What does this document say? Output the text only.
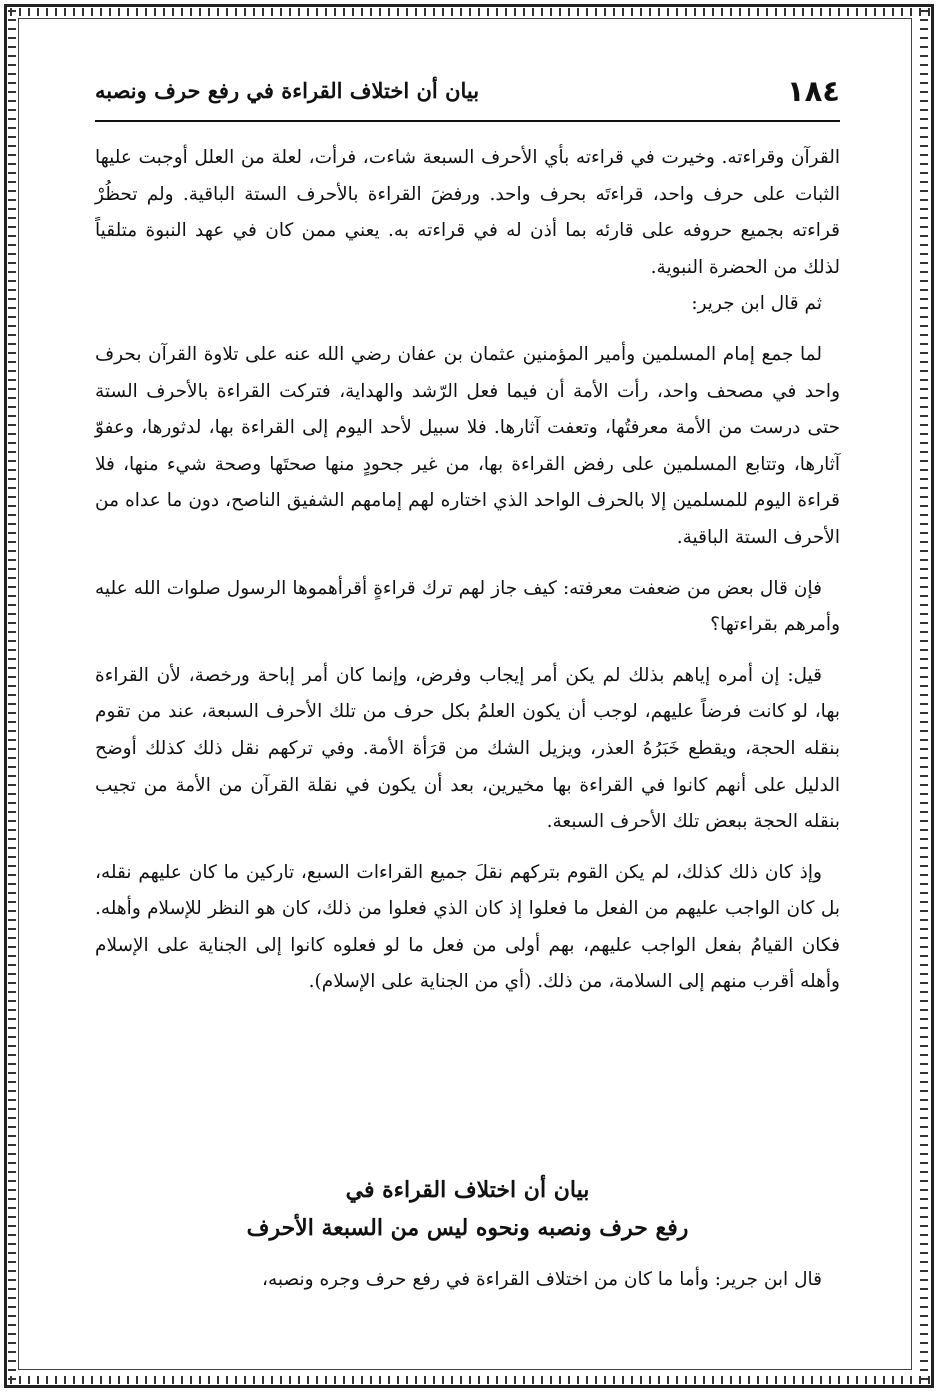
١٨٤
بيان أن اختلاف القراءة في رفع حرف ونصبه

القرآن وقراءته. وخيرت في قراءته بأي الأحرف السبعة شاءت، فرأت، لعلة من العلل أوجبت عليها الثبات على حرف واحد، قراءتَه بحرف واحد. ورفضَ القراءة بالأحرف الستة الباقية. ولم تحظُرْ قراءته بجميع حروفه على قارئه بما أذن له في قراءته به. يعني ممن كان في عهد النبوة متلقياً لذلك من الحضرة النبوية.

ثم قال ابن جرير:

لما جمع إمام المسلمين وأمير المؤمنين عثمان بن عفان رضي الله عنه على تلاوة القرآن بحرف واحد في مصحف واحد، رأت الأمة أن فيما فعل الرّشد والهداية، فتركت القراءة بالأحرف الستة حتى درست من الأمة معرفتُها، وتعفت آثارها. فلا سبيل لأحد اليوم إلى القراءة بها، لدثورها، وعفوّ آثارها، وتتابع المسلمين على رفض القراءة بها، من غير جحودٍ منها صحتَها وصحة شيء منها، فلا قراءة اليوم للمسلمين إلا بالحرف الواحد الذي اختاره لهم إمامهم الشفيق الناصح، دون ما عداه من الأحرف الستة الباقية.

فإن قال بعض من ضعفت معرفته: كيف جاز لهم ترك قراءةٍ أقرأهموها الرسول صلوات الله عليه وأمرهم بقراءتها؟

قيل: إن أمره إياهم بذلك لم يكن أمر إيجاب وفرض، وإنما كان أمر إباحة ورخصة، لأن القراءة بها، لو كانت فرضاً عليهم، لوجب أن يكون العلمُ بكل حرف من تلك الأحرف السبعة، عند من تقوم بنقله الحجة، ويقطع خَبَرُهُ العذر، ويزيل الشك من قرَأة الأمة. وفي تركهم نقل ذلك كذلك أوضح الدليل على أنهم كانوا في القراءة بها مخيرين، بعد أن يكون في نقلة القرآن من الأمة من تجيب بنقله الحجة ببعض تلك الأحرف السبعة.

وإذ كان ذلك كذلك، لم يكن القوم بتركهم نقلَ جميع القراءات السبع، تاركين ما كان عليهم نقله، بل كان الواجب عليهم من الفعل ما فعلوا إذ كان الذي فعلوا من ذلك، كان هو النظر للإسلام وأهله. فكان القيامُ بفعل الواجب عليهم، بهم أولى من فعل ما لو فعلوه كانوا إلى الجناية على الإسلام وأهله أقرب منهم إلى السلامة، من ذلك. (أي من الجناية على الإسلام).

بيان أن اختلاف القراءة في
رفع حرف ونصبه ونحوه ليس من السبعة الأحرف
قال ابن جرير: وأما ما كان من اختلاف القراءة في رفع حرف وجره ونصبه،
